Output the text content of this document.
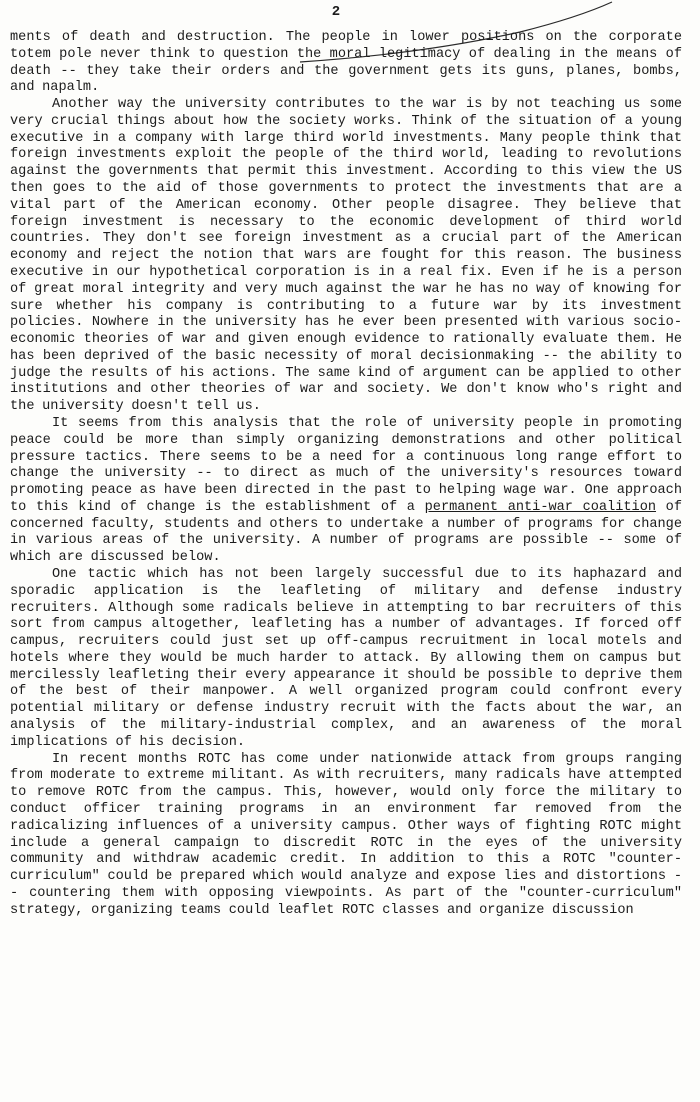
2

ments of death and destruction. The people in lower positions on the corporate totem pole never think to question the moral legitimacy of dealing in the means of death -- they take their orders and the government gets its guns, planes, bombs, and napalm.

Another way the university contributes to the war is by not teaching us some very crucial things about how the society works. Think of the situation of a young executive in a company with large third world investments. Many people think that foreign investments exploit the people of the third world, leading to revolutions against the governments that permit this investment. According to this view the US then goes to the aid of those governments to protect the investments that are a vital part of the American economy. Other people disagree. They believe that foreign investment is necessary to the economic development of third world countries. They don't see foreign investment as a crucial part of the American economy and reject the notion that wars are fought for this reason. The business executive in our hypothetical corporation is in a real fix. Even if he is a person of great moral integrity and very much against the war he has no way of knowing for sure whether his company is contributing to a future war by its investment policies. Nowhere in the university has he ever been presented with various socio-economic theories of war and given enough evidence to rationally evaluate them. He has been deprived of the basic necessity of moral decisionmaking -- the ability to judge the results of his actions. The same kind of argument can be applied to other institutions and other theories of war and society. We don't know who's right and the university doesn't tell us.

It seems from this analysis that the role of university people in promoting peace could be more than simply organizing demonstrations and other political pressure tactics. There seems to be a need for a continuous long range effort to change the university -- to direct as much of the university's resources toward promoting peace as have been directed in the past to helping wage war. One approach to this kind of change is the establishment of a permanent anti-war coalition of concerned faculty, students and others to undertake a number of programs for change in various areas of the university. A number of programs are possible -- some of which are discussed below.

One tactic which has not been largely successful due to its haphazard and sporadic application is the leafleting of military and defense industry recruiters. Although some radicals believe in attempting to bar recruiters of this sort from campus altogether, leafleting has a number of advantages. If forced off campus, recruiters could just set up off-campus recruitment in local motels and hotels where they would be much harder to attack. By allowing them on campus but mercilessly leafleting their every appearance it should be possible to deprive them of the best of their manpower. A well organized program could confront every potential military or defense industry recruit with the facts about the war, an analysis of the military-industrial complex, and an awareness of the moral implications of his decision.

In recent months ROTC has come under nationwide attack from groups ranging from moderate to extreme militant. As with recruiters, many radicals have attempted to remove ROTC from the campus. This, however, would only force the military to conduct officer training programs in an environment far removed from the radicalizing influences of a university campus. Other ways of fighting ROTC might include a general campaign to discredit ROTC in the eyes of the university community and withdraw academic credit. In addition to this a ROTC "counter-curriculum" could be prepared which would analyze and expose lies and distortions -- countering them with opposing viewpoints. As part of the "counter-curriculum" strategy, organizing teams could leaflet ROTC classes and organize discussion
